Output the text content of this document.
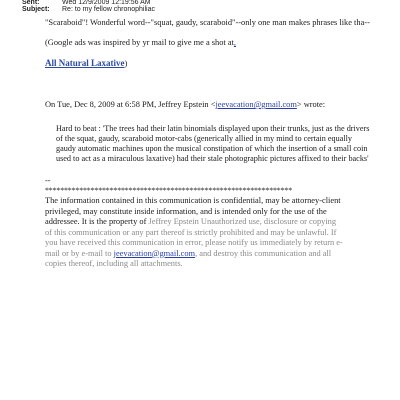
Sent:	Wed 12/9/2009 12:19:56 AM
Subject: Re: to my fellow chronophiliac
"Scaraboid"! Wonderful word--"squat, gaudy, scaraboid"--only one man makes phrases like tha--
(Google ads was inspired by yr mail to give me a shot at,
All Natural Laxative)
On Tue, Dec 8, 2009 at 6:58 PM, Jeffrey Epstein <jeevacation@gmail.com> wrote:
Hard to beat : 'The trees had their latin binomials displayed upon their trunks, just as the drivers of the squat, gaudy, scaraboid motor-cabs (generically allied in my mind to certain equally gaudy automatic machines upon the musical constipation of which the insertion of a small coin used to act as a miraculous laxative) had their stale photographic pictures affixed to their backs'
--
*****************************************************************
The information contained in this communication is confidential, may be attorney-client privileged, may constitute inside information, and is intended only for the use of the addressee. It is the property of Jeffrey Epstein Unauthorized use, disclosure or copying of this communication or any part thereof is strictly prohibited and may be unlawful. If you have received this communication in error, please notify us immediately by return e-mail or by e-mail to jeevacation@gmail.com, and destroy this communication and all copies thereof, including all attachments.
